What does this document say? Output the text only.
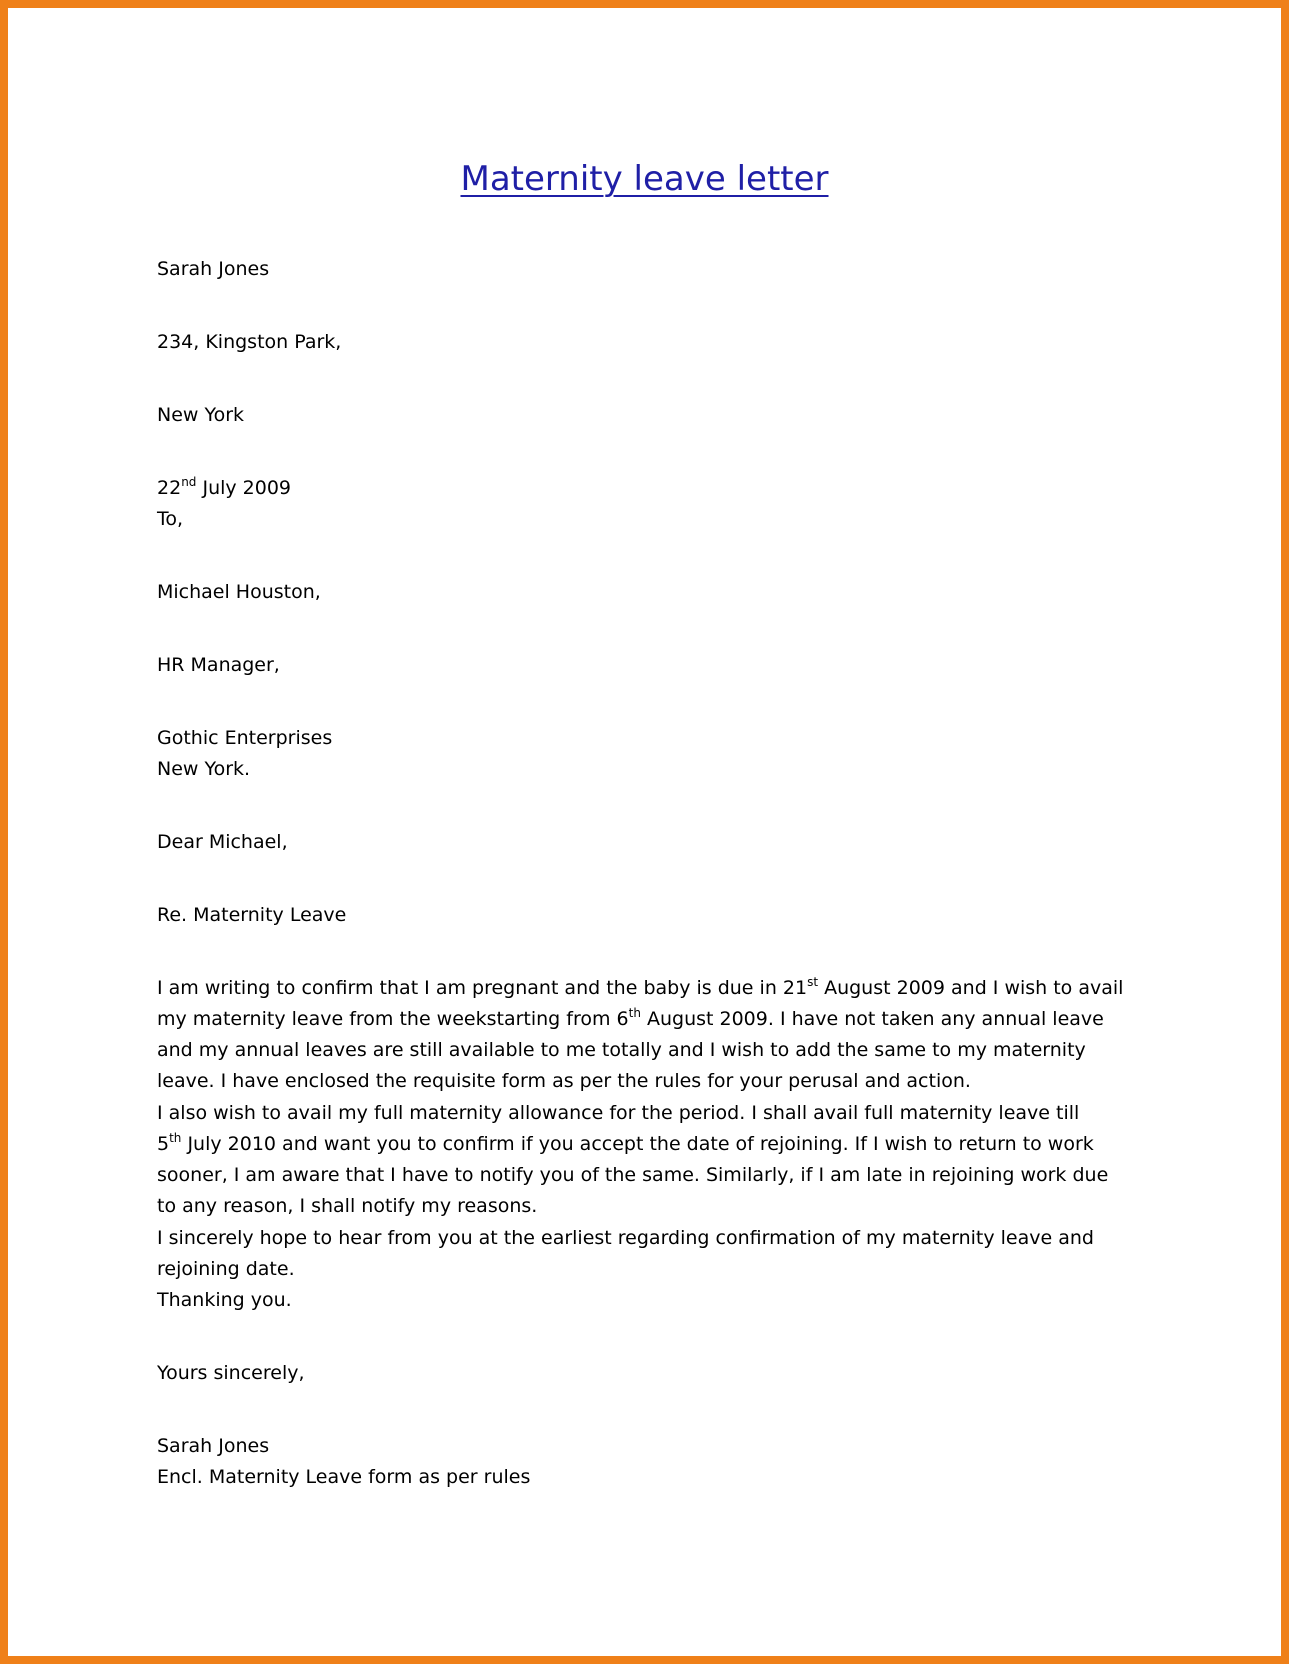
Maternity leave letter
Sarah Jones
234, Kingston Park,
New York
22nd July 2009
To,
Michael Houston,
HR Manager,
Gothic Enterprises
New York.
Dear Michael,
Re. Maternity Leave
I am writing to confirm that I am pregnant and the baby is due in 21st August 2009 and I wish to avail
my maternity leave from the weekstarting from 6th August 2009. I have not taken any annual leave
and my annual leaves are still available to me totally and I wish to add the same to my maternity
leave. I have enclosed the requisite form as per the rules for your perusal and action.
I also wish to avail my full maternity allowance for the period. I shall avail full maternity leave till
5th July 2010 and want you to confirm if you accept the date of rejoining. If I wish to return to work
sooner, I am aware that I have to notify you of the same. Similarly, if I am late in rejoining work due
to any reason, I shall notify my reasons.
I sincerely hope to hear from you at the earliest regarding confirmation of my maternity leave and
rejoining date.
Thanking you.
Yours sincerely,
Sarah Jones
Encl. Maternity Leave form as per rules
